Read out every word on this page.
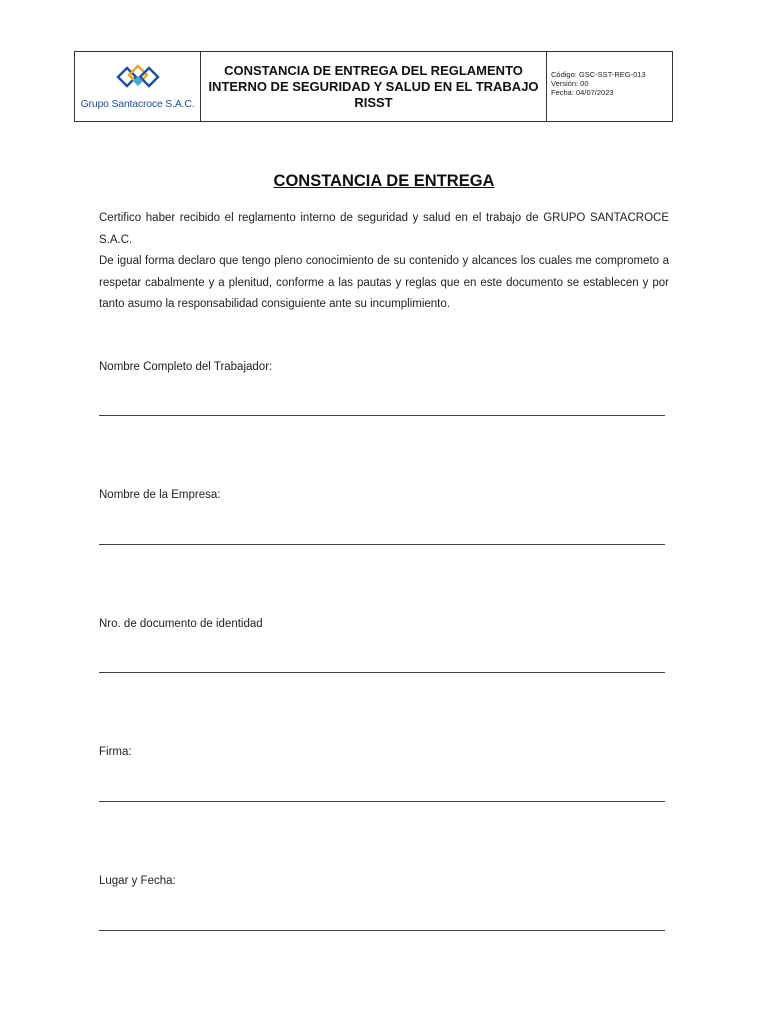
Grupo Santacroce S.A.C.
CONSTANCIA DE ENTREGA DEL REGLAMENTO INTERNO DE SEGURIDAD Y SALUD EN EL TRABAJO RISST
Código: GSC-SST-REG-013
Versión: 00
Fecha: 04/07/2023
CONSTANCIA DE ENTREGA
Certifico haber recibido el reglamento interno de seguridad y salud en el trabajo de GRUPO SANTACROCE S.A.C.
De igual forma declaro que tengo pleno conocimiento de su contenido y alcances los cuales me comprometo a respetar cabalmente y a plenitud, conforme a las pautas y reglas que en este documento se establecen y por tanto asumo la responsabilidad consiguiente ante su incumplimiento.
Nombre Completo del Trabajador:
Nombre de la Empresa:
Nro. de documento de identidad
Firma:
Lugar y Fecha:
